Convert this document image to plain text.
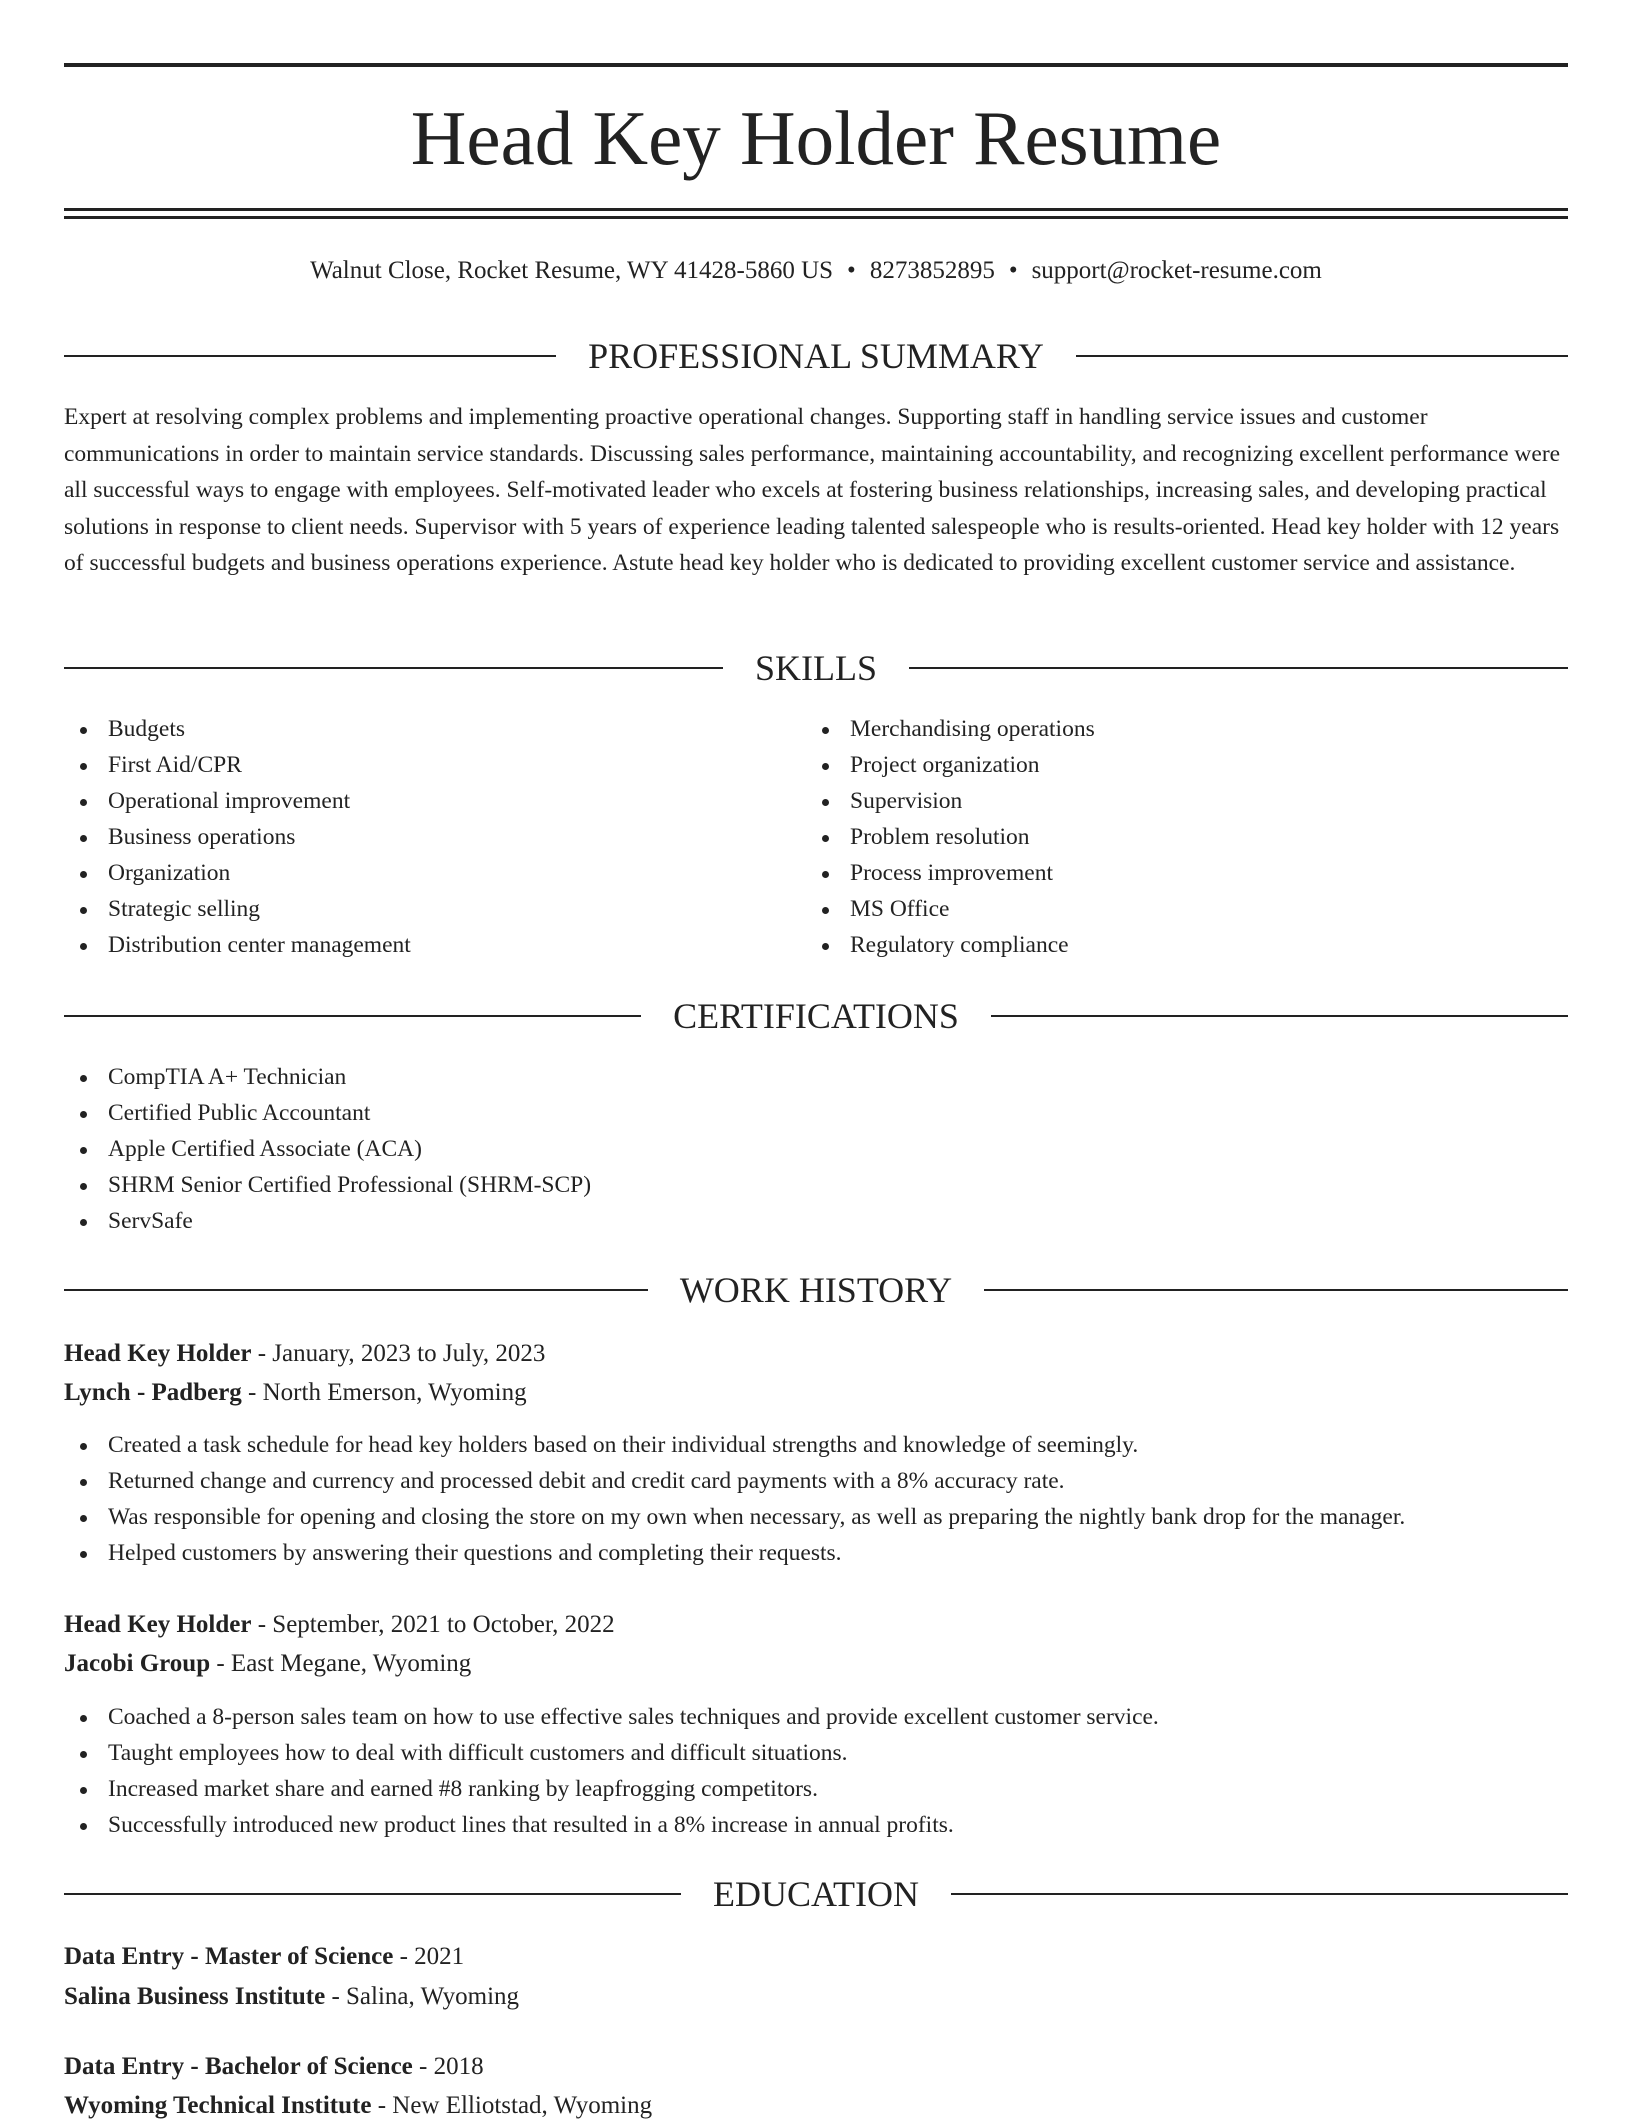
Head Key Holder Resume
Walnut Close, Rocket Resume, WY 41428-5860 US • 8273852895 • support@rocket-resume.com
PROFESSIONAL SUMMARY

Expert at resolving complex problems and implementing proactive operational changes. Supporting staff in handling service issues and customer communications in order to maintain service standards. Discussing sales performance, maintaining accountability, and recognizing excellent performance were all successful ways to engage with employees. Self-motivated leader who excels at fostering business relationships, increasing sales, and developing practical solutions in response to client needs. Supervisor with 5 years of experience leading talented salespeople who is results-oriented. Head key holder with 12 years of successful budgets and business operations experience. Astute head key holder who is dedicated to providing excellent customer service and assistance.

SKILLS
Budgets
First Aid/CPR
Operational improvement
Business operations
Organization
Strategic selling
Distribution center management
Merchandising operations
Project organization
Supervision
Problem resolution
Process improvement
MS Office
Regulatory compliance
CERTIFICATIONS
CompTIA A+ Technician
Certified Public Accountant
Apple Certified Associate (ACA)
SHRM Senior Certified Professional (SHRM-SCP)
ServSafe
WORK HISTORY
Head Key Holder - January, 2023 to July, 2023
Lynch - Padberg - North Emerson, Wyoming
Created a task schedule for head key holders based on their individual strengths and knowledge of seemingly.
Returned change and currency and processed debit and credit card payments with a 8% accuracy rate.
Was responsible for opening and closing the store on my own when necessary, as well as preparing the nightly bank drop for the manager.
Helped customers by answering their questions and completing their requests.
Head Key Holder - September, 2021 to October, 2022
Jacobi Group - East Megane, Wyoming
Coached a 8-person sales team on how to use effective sales techniques and provide excellent customer service.
Taught employees how to deal with difficult customers and difficult situations.
Increased market share and earned #8 ranking by leapfrogging competitors.
Successfully introduced new product lines that resulted in a 8% increase in annual profits.
EDUCATION
Data Entry - Master of Science - 2021
Salina Business Institute - Salina, Wyoming
Data Entry - Bachelor of Science - 2018
Wyoming Technical Institute - New Elliotstad, Wyoming
